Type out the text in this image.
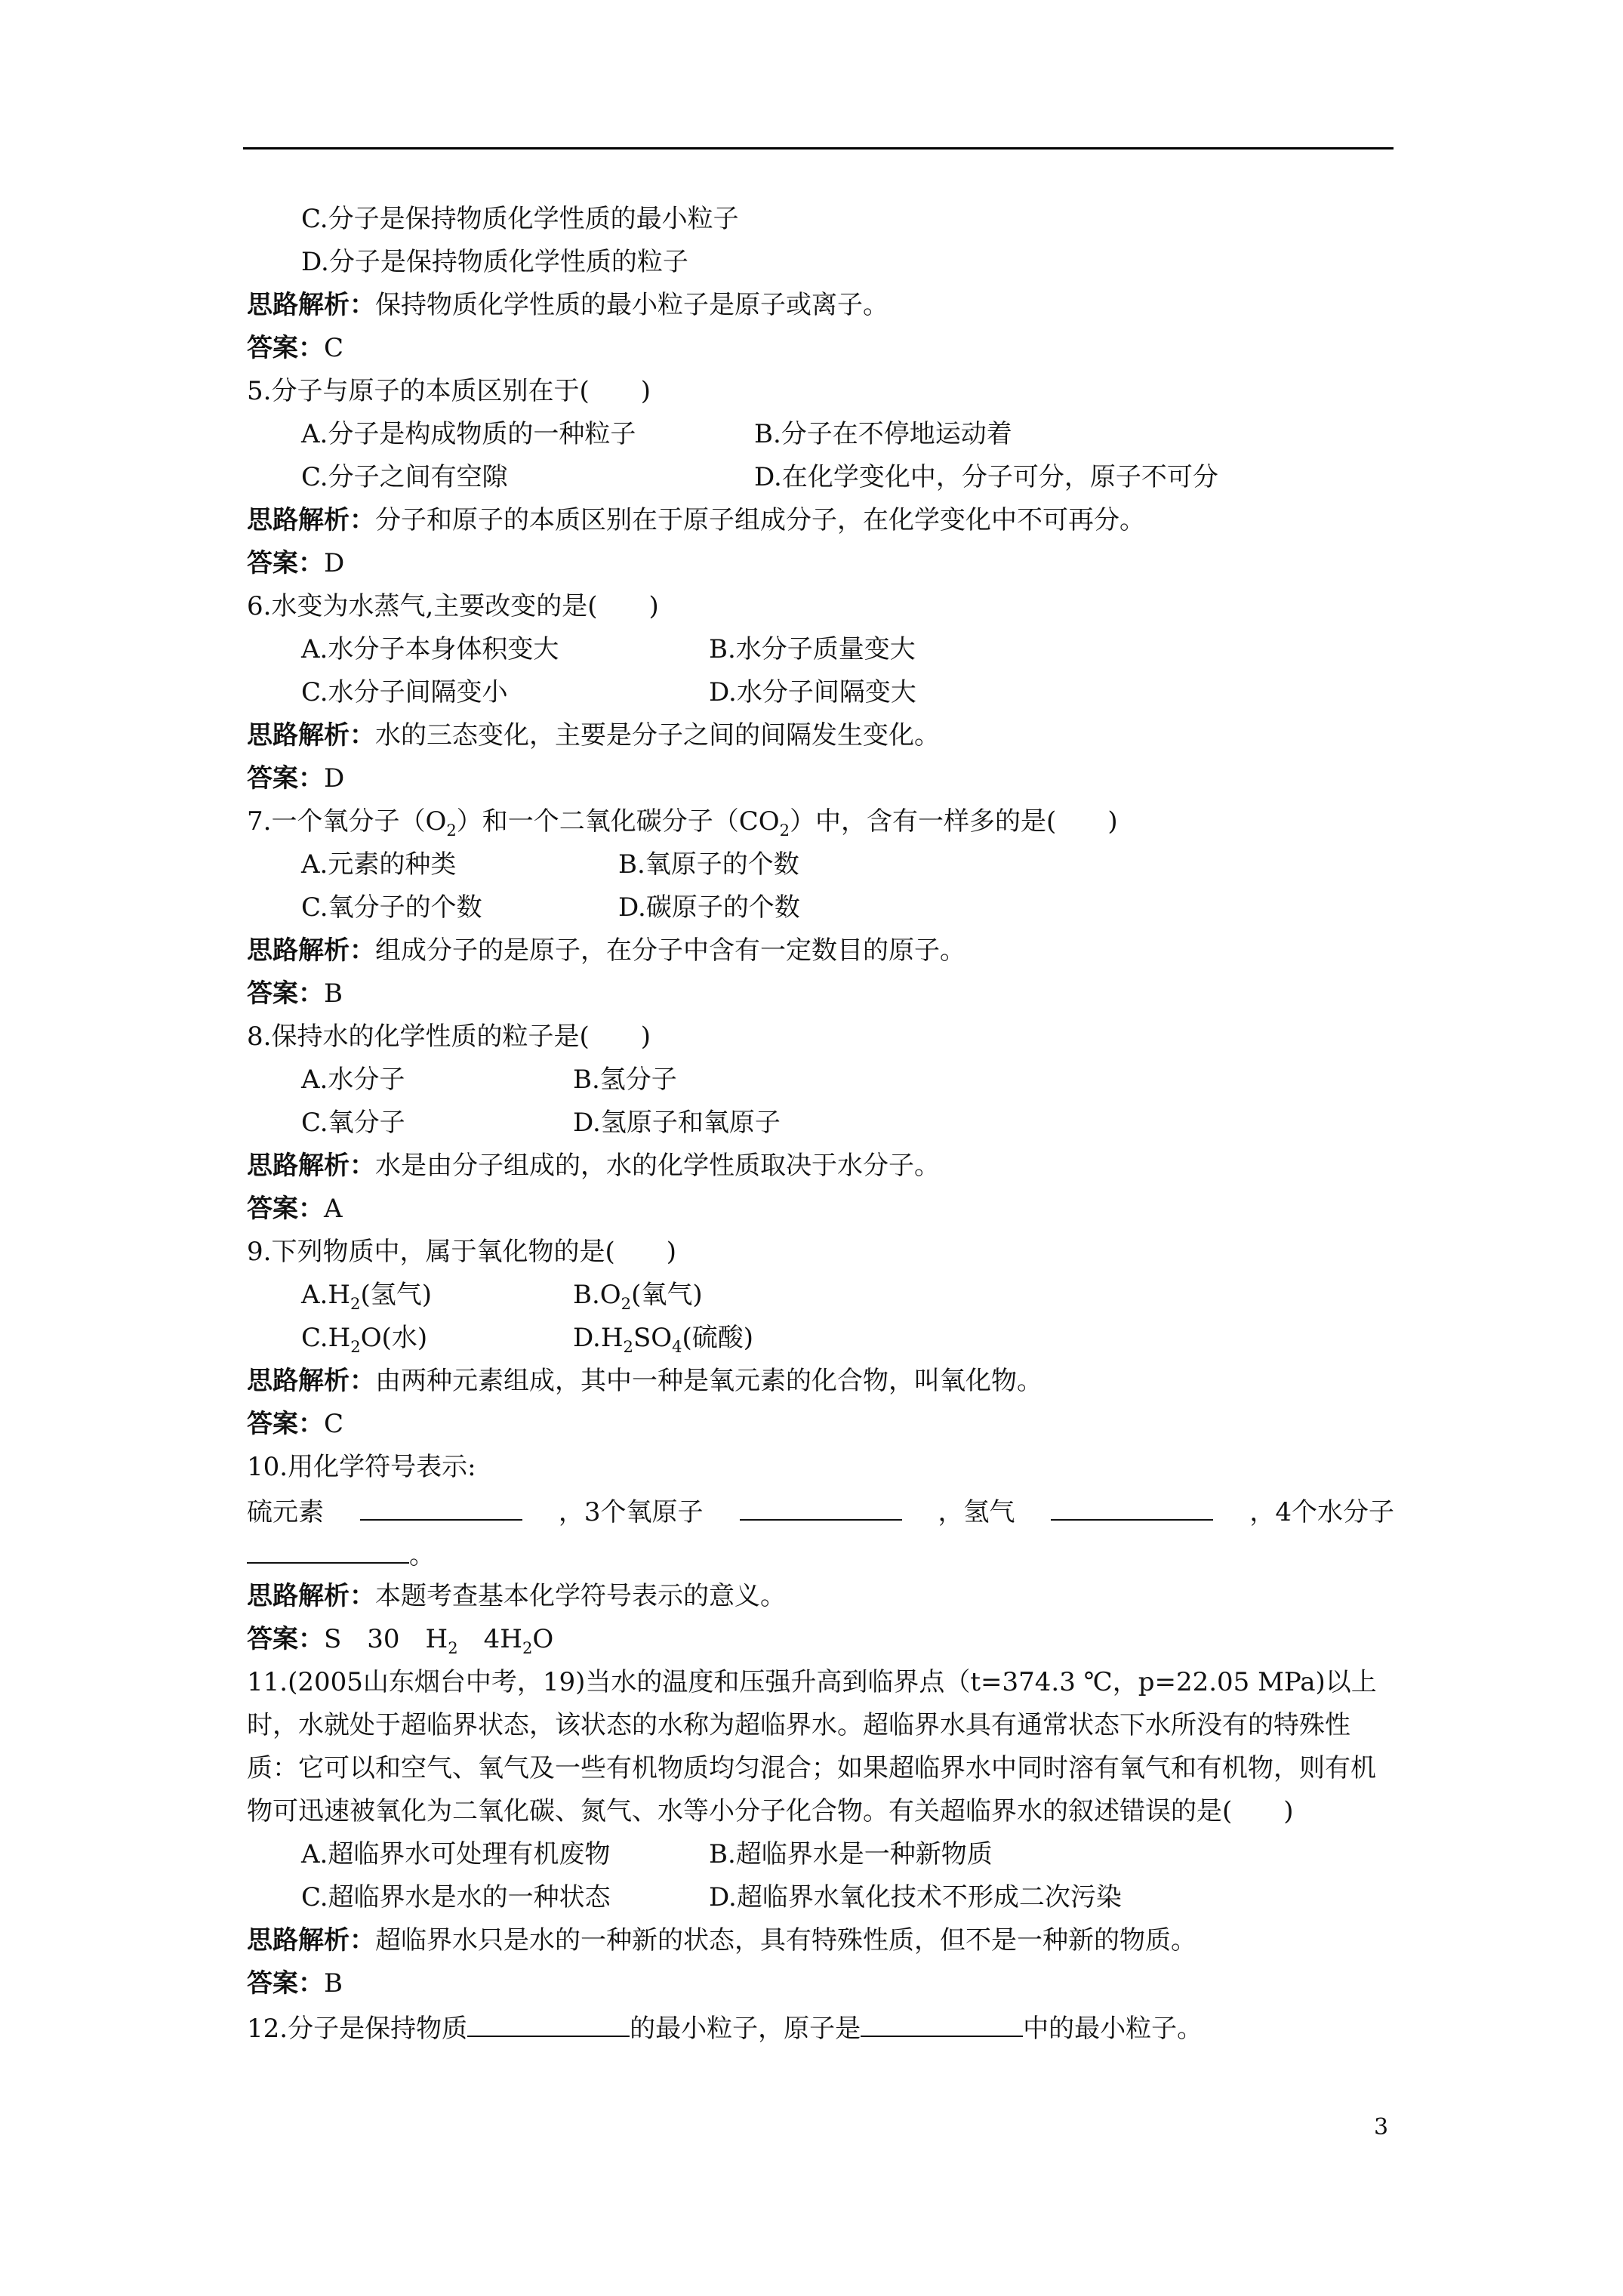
C.分子是保持物质化学性质的最小粒子
D.分子是保持物质化学性质的粒子
思路解析：保持物质化学性质的最小粒子是原子或离子。
答案：C
5.分子与原子的本质区别在于(　　)
A.分子是构成物质的一种粒子	B.分子在不停地运动着
C.分子之间有空隙	D.在化学变化中，分子可分，原子不可分
思路解析：分子和原子的本质区别在于原子组成分子，在化学变化中不可再分。
答案：D
6.水变为水蒸气,主要改变的是(　　)
A.水分子本身体积变大	B.水分子质量变大
C.水分子间隔变小	D.水分子间隔变大
思路解析：水的三态变化，主要是分子之间的间隔发生变化。
答案：D
7.一个氧分子$(O_2)$和一个二氧化碳分子$(CO_2)$中，含有一样多的是(　　)
A.元素的种类	B.氧原子的个数
C.氧分子的个数	D.碳原子的个数
思路解析：组成分子的是原子，在分子中含有一定数目的原子。
答案：B
8.保持水的化学性质的粒子是(　　)
A.水分子	B.氢分子
C.氧分子	D.氢原子和氧原子
思路解析：水是由分子组成的，水的化学性质取决于水分子。
答案：A
9.下列物质中，属于氧化物的是(　　)
$A.H_2$(氢气)	$B.O_2$(氧气)
$C.H_2O$(水)	$D.H_2SO_4$(硫酸)
思路解析：由两种元素组成，其中一种是氧元素的化合物，叫氧化物。
答案：C
10.用化学符号表示:
硫元素	，3个氧原子	，氢气	，4个水分子
。
思路解析：本题考查基本化学符号表示的意义。
答案：S　30　$H_2$　$4H_2O$
11.(2005山东烟台中考，19)当水的温度和压强升高到临界点（t=374.3 ℃，p=22.05 MPa)以上时，水就处于超临界状态，该状态的水称为超临界水。超临界水具有通常状态下水所没有的特殊性质：它可以和空气、氧气及一些有机物质均匀混合；如果超临界水中同时溶有氧气和有机物，则有机物可迅速被氧化为二氧化碳、氮气、水等小分子化合物。有关超临界水的叙述错误的是(　　)
A.超临界水可处理有机废物	B.超临界水是一种新物质
C.超临界水是水的一种状态	D.超临界水氧化技术不形成二次污染
思路解析：超临界水只是水的一种新的状态，具有特殊性质，但不是一种新的物质。
答案：B
12.分子是保持物质	的最小粒子，原子是	中的最小粒子。
3
